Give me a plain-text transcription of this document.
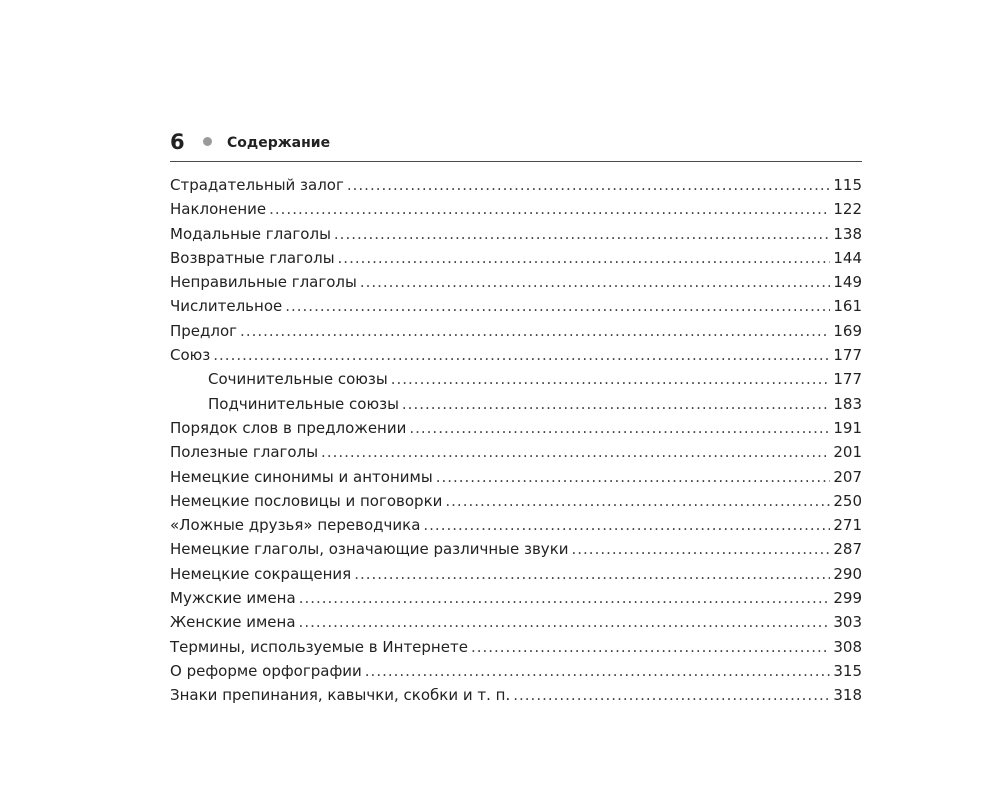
6	Содержание
Страдательный залог .....	115
Наклонение .....	122
Модальные глаголы .....	138
Возвратные глаголы .....	144
Неправильные глаголы .....	149
Числительное .....	161
Предлог .....	169
Союз .....	177
Сочинительные союзы .....	177
Подчинительные союзы .....	183
Порядок слов в предложении .....	191
Полезные глаголы .....	201
Немецкие синонимы и антонимы .....	207
Немецкие пословицы и поговорки .....	250
«Ложные друзья» переводчика .....	271
Немецкие глаголы, означающие различные звуки .....	287
Немецкие сокращения .....	290
Мужские имена .....	299
Женские имена .....	303
Термины, используемые в Интернете .....	308
О реформе орфографии .....	315
Знаки препинания, кавычки, скобки и т. п. .....	318
